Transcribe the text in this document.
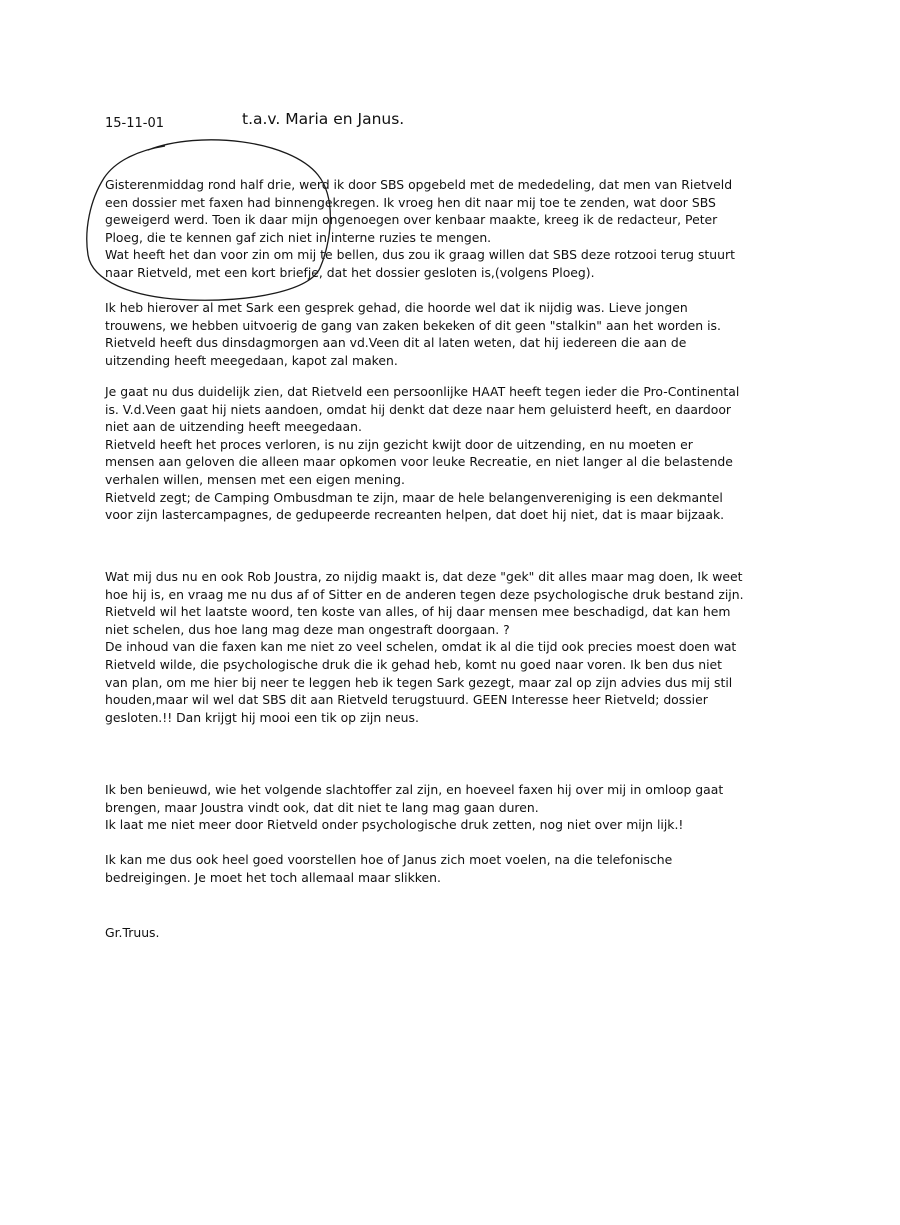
15-11-01	t.a.v. Maria en Janus.

Gisterenmiddag rond half drie, werd ik door SBS opgebeld met de mededeling, dat men van Rietveld een dossier met faxen had binnengekregen. Ik vroeg hen dit naar mij toe te zenden, wat door SBS geweigerd werd. Toen ik daar mijn ongenoegen over kenbaar maakte, kreeg ik de redacteur, Peter Ploeg, die te kennen gaf zich niet in interne ruzies te mengen.
Wat heeft het dan voor zin om mij te bellen, dus zou ik graag willen dat SBS deze rotzooi terug stuurt naar Rietveld, met een kort briefje, dat het dossier gesloten is,(volgens Ploeg).

Ik heb hierover al met Sark een gesprek gehad, die hoorde wel dat ik nijdig was. Lieve jongen trouwens, we hebben uitvoerig de gang van zaken bekeken of dit geen "stalkin" aan het worden is. Rietveld heeft dus dinsdagmorgen aan vd.Veen dit al laten weten, dat hij iedereen die aan de uitzending heeft meegedaan, kapot zal maken.

Je gaat nu dus duidelijk zien, dat Rietveld een persoonlijke HAAT heeft tegen ieder die Pro-Continental is. V.d.Veen gaat hij niets aandoen, omdat hij denkt dat deze naar hem geluisterd heeft, en daardoor niet aan de uitzending heeft meegedaan.
Rietveld heeft het proces verloren, is nu zijn gezicht kwijt door de uitzending, en nu moeten er mensen aan geloven die alleen maar opkomen voor leuke Recreatie, en niet langer al die belastende verhalen willen, mensen met een eigen mening.
Rietveld zegt; de Camping Ombusdman te zijn, maar de hele belangenvereniging is een dekmantel voor zijn lastercampagnes, de gedupeerde recreanten helpen, dat doet hij niet, dat is maar bijzaak.

Wat mij dus nu en ook Rob Joustra, zo nijdig maakt is, dat deze "gek" dit alles maar mag doen, Ik weet hoe hij is, en vraag me nu dus af of Sitter en de anderen tegen deze psychologische druk bestand zijn. Rietveld wil het laatste woord, ten koste van alles, of hij daar mensen mee beschadigd, dat kan hem niet schelen, dus hoe lang mag deze man ongestraft doorgaan. ?
De inhoud van die faxen kan me niet zo veel schelen, omdat ik al die tijd ook precies moest doen wat Rietveld wilde, die psychologische druk die ik gehad heb, komt nu goed naar voren. Ik ben dus niet van plan, om me hier bij neer te leggen heb ik tegen Sark gezegt, maar zal op zijn advies dus mij stil houden,maar wil wel dat SBS dit aan Rietveld terugstuurd. GEEN Interesse heer Rietveld; dossier gesloten.!! Dan krijgt hij mooi een tik op zijn neus.

Ik ben benieuwd, wie het volgende slachtoffer zal zijn, en hoeveel faxen hij over mij in omloop gaat brengen, maar Joustra vindt ook, dat dit niet te lang mag gaan duren.
Ik laat me niet meer door Rietveld onder psychologische druk zetten, nog niet over mijn lijk.!

Ik kan me dus ook heel goed voorstellen hoe of Janus zich moet voelen, na die telefonische bedreigingen. Je moet het toch allemaal maar slikken.

Gr.Truus.
